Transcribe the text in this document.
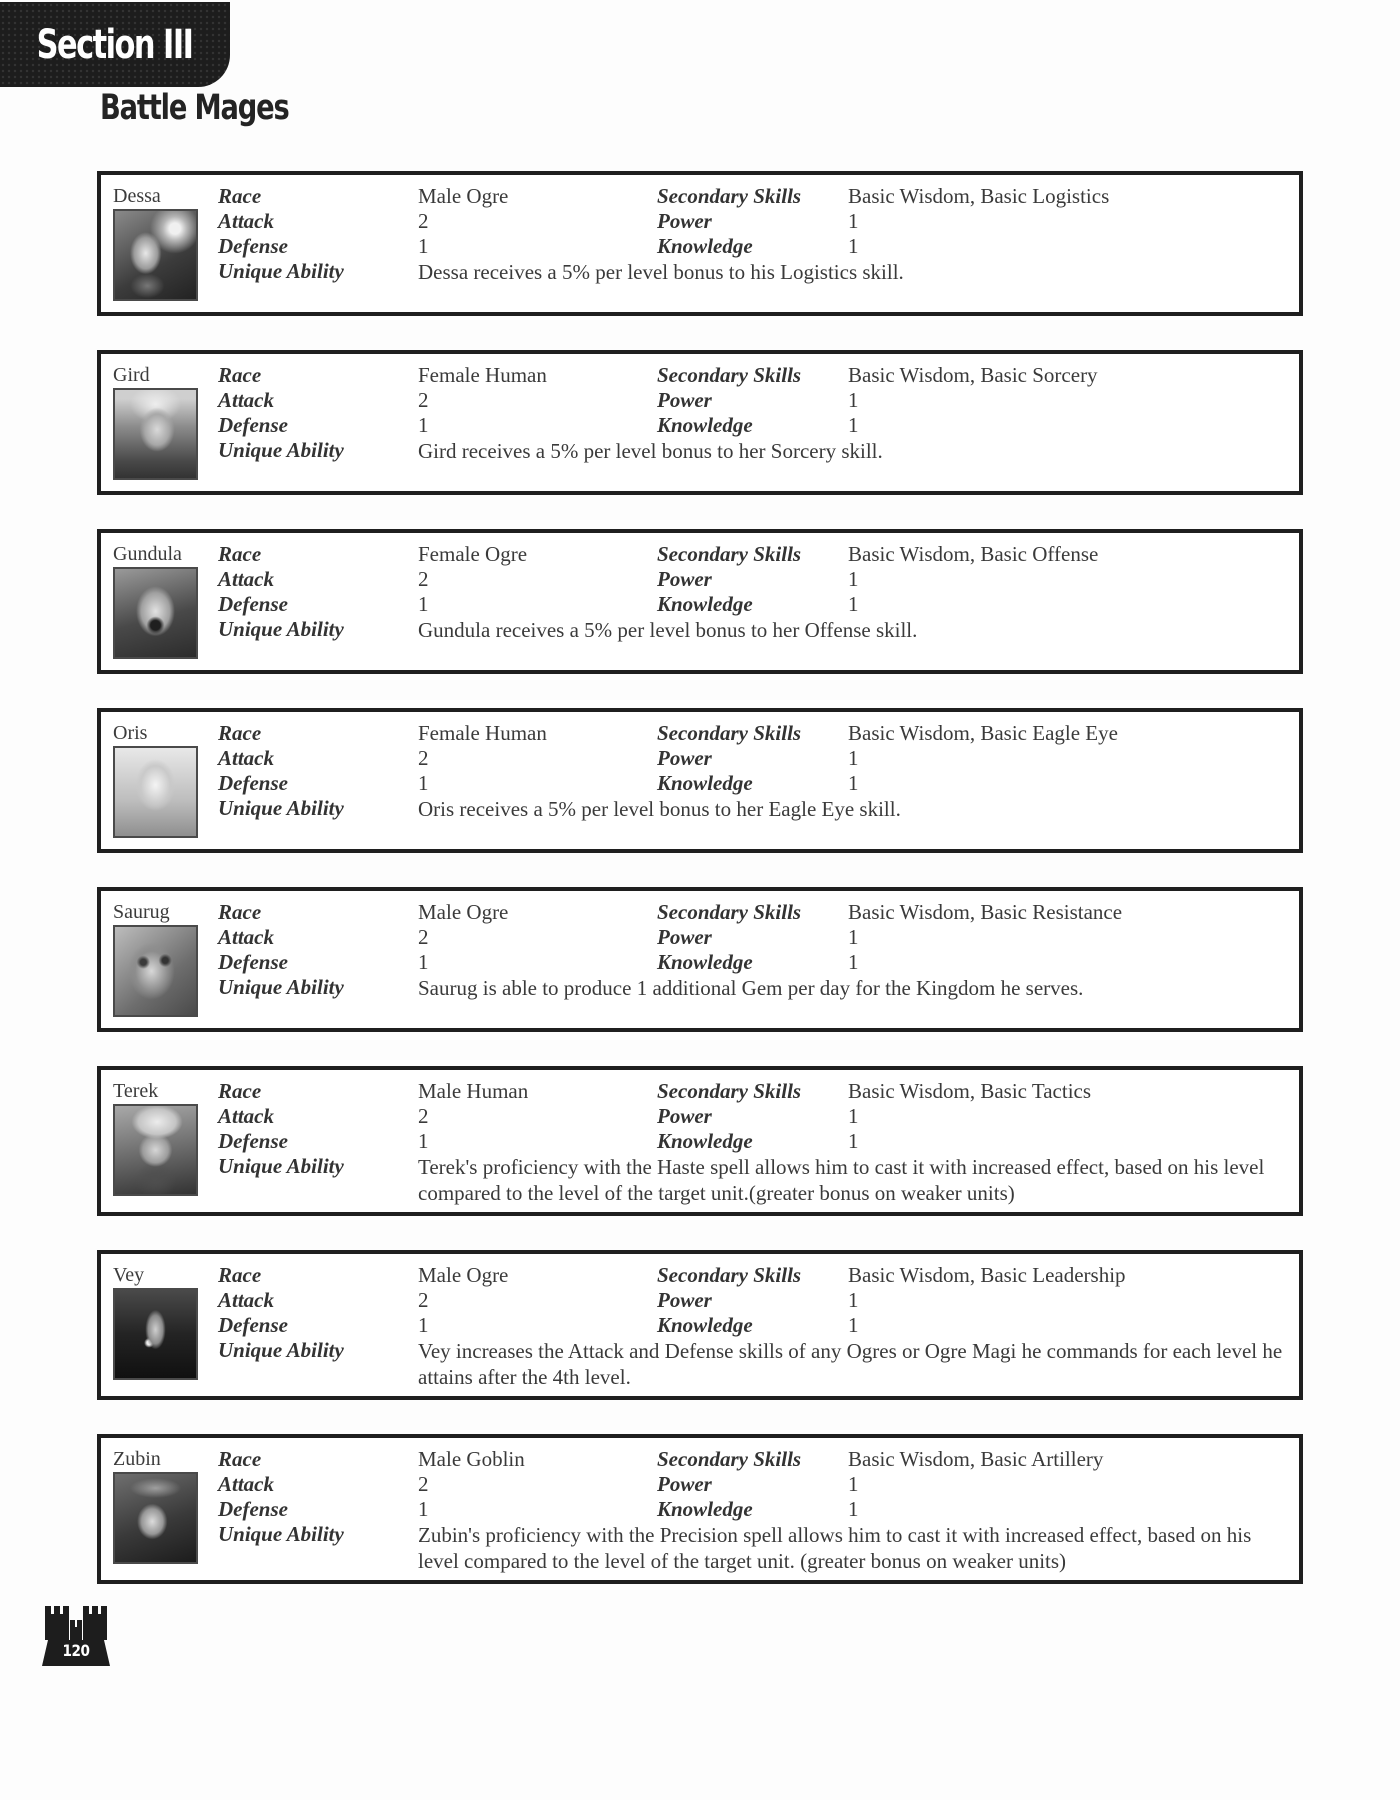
Section III
Battle Mages
Dessa	Race	Male Ogre	Secondary Skills	Basic Wisdom, Basic Logistics
Attack	2	Power	1
Defense	1	Knowledge	1
Unique Ability	Dessa receives a 5% per level bonus to his Logistics skill.
Gird	Race	Female Human	Secondary Skills	Basic Wisdom, Basic Sorcery
Attack	2	Power	1
Defense	1	Knowledge	1
Unique Ability	Gird receives a 5% per level bonus to her Sorcery skill.
Gundula	Race	Female Ogre	Secondary Skills	Basic Wisdom, Basic Offense
Attack	2	Power	1
Defense	1	Knowledge	1
Unique Ability	Gundula receives a 5% per level bonus to her Offense skill.
Oris	Race	Female Human	Secondary Skills	Basic Wisdom, Basic Eagle Eye
Attack	2	Power	1
Defense	1	Knowledge	1
Unique Ability	Oris receives a 5% per level bonus to her Eagle Eye skill.
Saurug	Race	Male Ogre	Secondary Skills	Basic Wisdom, Basic Resistance
Attack	2	Power	1
Defense	1	Knowledge	1
Unique Ability	Saurug is able to produce 1 additional Gem per day for the Kingdom he serves.
Terek	Race	Male Human	Secondary Skills	Basic Wisdom, Basic Tactics
Attack	2	Power	1
Defense	1	Knowledge	1
Unique Ability	Terek's proficiency with the Haste spell allows him to cast it with increased effect, based on his level compared to the level of the target unit.(greater bonus on weaker units)
Vey	Race	Male Ogre	Secondary Skills	Basic Wisdom, Basic Leadership
Attack	2	Power	1
Defense	1	Knowledge	1
Unique Ability	Vey increases the Attack and Defense skills of any Ogres or Ogre Magi he commands for each level he attains after the 4th level.
Zubin	Race	Male Goblin	Secondary Skills	Basic Wisdom, Basic Artillery
Attack	2	Power	1
Defense	1	Knowledge	1
Unique Ability	Zubin's proficiency with the Precision spell allows him to cast it with increased effect, based on his level compared to the level of the target unit. (greater bonus on weaker units)
120
